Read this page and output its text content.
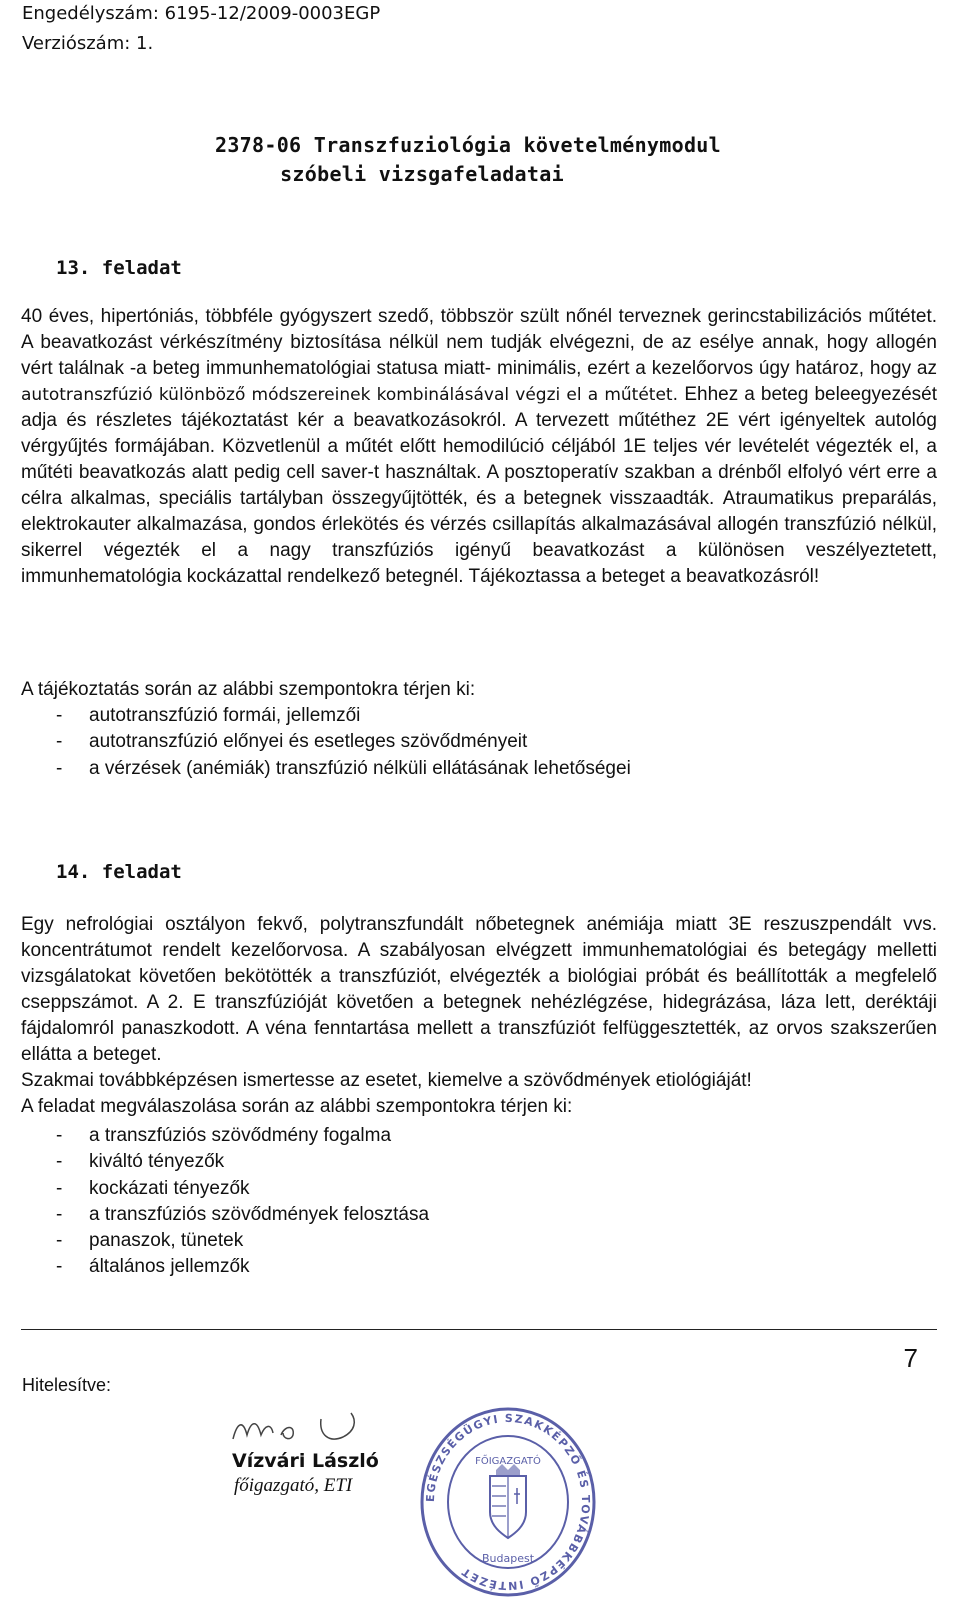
Engedélyszám: 6195-12/2009-0003EGP
Verziószám: 1.
2378-06 Transzfuziológia követelménymodul
szóbeli vizsgafeladatai
13. feladat
40 éves, hipertóniás, többféle gyógyszert szedő, többször szült nőnél terveznek gerincstabilizációs műtétet. A beavatkozást vérkészítmény biztosítása nélkül nem tudják elvégezni, de az esélye annak, hogy allogén vért találnak -a beteg immunhematológiai statusa miatt- minimális, ezért a kezelőorvos úgy határoz, hogy az autotranszfúzió különböző módszereinek kombinálásával végzi el a műtétet. Ehhez a beteg beleegyezését adja és részletes tájékoztatást kér a beavatkozásokról. A tervezett műtéthez 2E vért igényeltek autológ vérgyűjtés formájában. Közvetlenül a műtét előtt hemodilúció céljából 1E teljes vér levételét végezték el, a műtéti beavatkozás alatt pedig cell saver-t használtak. A posztoperatív szakban a drénből elfolyó vért erre a célra alkalmas, speciális tartályban összegyűjtötték, és a betegnek visszaadták. Atraumatikus preparálás, elektrokauter alkalmazása, gondos érlekötés és vérzés csillapítás alkalmazásával allogén transzfúzió nélkül, sikerrel végezték el a nagy transzfúziós igényű beavatkozást a különösen veszélyeztetett, immunhematológia kockázattal rendelkező betegnél. Tájékoztassa a beteget a beavatkozásról!
A tájékoztatás során az alábbi szempontokra térjen ki:
- autotranszfúzió formái, jellemzői
- autotranszfúzió előnyei és esetleges szövődményeit
- a vérzések (anémiák) transzfúzió nélküli ellátásának lehetőségei
14. feladat
Egy nefrológiai osztályon fekvő, polytranszfundált nőbetegnek anémiája miatt 3E reszuszpendált vvs. koncentrátumot rendelt kezelőorvosa. A szabályosan elvégzett immunhematológiai és betegágy melletti vizsgálatokat követően bekötötték a transzfúziót, elvégezték a biológiai próbát és beállították a megfelelő cseppszámot. A 2. E transzfúzióját követően a betegnek nehézlégzése, hidegrázása, láza lett, deréktáji fájdalomról panaszkodott. A véna fenntartása mellett a transzfúziót felfüggesztették, az orvos szakszerűen ellátta a beteget.
Szakmai továbbképzésen ismertesse az esetet, kiemelve a szövődmények etiológiáját!
A feladat megválaszolása során az alábbi szempontokra térjen ki:
- a transzfúziós szövődmény fogalma
- kiváltó tényezők
- kockázati tényezők
- a transzfúziós szövődmények felosztása
- panaszok, tünetek
- általános jellemzők
7
Hitelesítve:
Vízvári László
főigazgató, ETI
EGÉSZSÉGÜGYI SZAKKÉPZŐ ÉS TOVÁBBKÉPZŐ INTÉZET
FŐIGAZGATÓ
Budapest
